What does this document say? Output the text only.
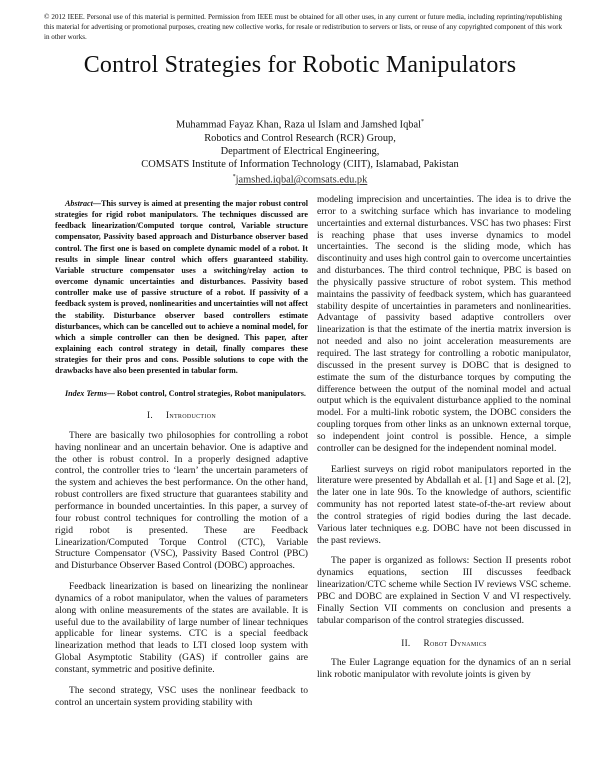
© 2012 IEEE. Personal use of this material is permitted. Permission from IEEE must be obtained for all other uses, in any current or future media, including reprinting/republishing this material for advertising or promotional purposes, creating new collective works, for resale or redistribution to servers or lists, or reuse of any copyrighted component of this work in other works.
Control Strategies for Robotic Manipulators
Muhammad Fayaz Khan, Raza ul Islam and Jamshed Iqbal*
Robotics and Control Research (RCR) Group,
Department of Electrical Engineering,
COMSATS Institute of Information Technology (CIIT), Islamabad, Pakistan
*jamshed.iqbal@comsats.edu.pk

Abstract—This survey is aimed at presenting the major robust control strategies for rigid robot manipulators. The techniques discussed are feedback linearization/Computed torque control, Variable structure compensator, Passivity based approach and Disturbance observer based control. The first one is based on complete dynamic model of a robot. It results in simple linear control which offers guaranteed stability. Variable structure compensator uses a switching/relay action to overcome dynamic uncertainties and disturbances. Passivity based controller make use of passive structure of a robot. If passivity of a feedback system is proved, nonlinearities and uncertainties will not affect the stability. Disturbance observer based controllers estimate disturbances, which can be cancelled out to achieve a nominal model, for which a simple controller can then be designed. This paper, after explaining each control strategy in detail, finally compares these strategies for their pros and cons. Possible solutions to cope with the drawbacks have also been presented in tabular form.

Index Terms— Robot control, Control strategies, Robot manipulators.

I. Introduction

There are basically two philosophies for controlling a robot having nonlinear and an uncertain behavior. One is adaptive and the other is robust control. In a properly designed adaptive control, the controller tries to ‘learn’ the uncertain parameters of the system and achieves the best performance. On the other hand, robust controllers are fixed structure that guarantees stability and performance in bounded uncertainties. In this paper, a survey of four robust control techniques for controlling the motion of a rigid robot is presented. These are Feedback Linearization/Computed Torque Control (CTC), Variable Structure Compensator (VSC), Passivity Based Control (PBC) and Disturbance Observer Based Control (DOBC) approaches.

Feedback linearization is based on linearizing the nonlinear dynamics of a robot manipulator, when the values of parameters along with online measurements of the states are available. It is useful due to the availability of large number of linear techniques applicable for linear systems. CTC is a special feedback linearization method that leads to LTI closed loop system with Global Asymptotic Stability (GAS) if controller gains are constant, symmetric and positive definite.

The second strategy, VSC uses the nonlinear feedback to control an uncertain system providing stability with

modeling imprecision and uncertainties. The idea is to drive the error to a switching surface which has invariance to modeling uncertainties and external disturbances. VSC has two phases: First is reaching phase that uses inverse dynamics to model uncertainties. The second is the sliding mode, which has discontinuity and uses high control gain to overcome uncertainties and disturbances. The third control technique, PBC is based on the physically passive structure of robot system. This method maintains the passivity of feedback system, which has guaranteed stability despite of uncertainties in parameters and nonlinearities. Advantage of passivity based adaptive controllers over linearization is that the estimate of the inertia matrix inversion is not needed and also no joint acceleration measurements are required. The last strategy for controlling a robotic manipulator, discussed in the present survey is DOBC that is designed to estimate the sum of the disturbance torques by computing the difference between the output of the nominal model and actual output which is the equivalent disturbance applied to the nominal model. For a multi-link robotic system, the DOBC considers the coupling torques from other links as an unknown external torque, so independent joint control is possible. Hence, a simple controller can be designed for the independent nominal model.

Earliest surveys on rigid robot manipulators reported in the literature were presented by Abdallah et al. [1] and Sage et al. [2], the later one in late 90s. To the knowledge of authors, scientific community has not reported latest state-of-the-art review about the control strategies of rigid bodies during the last decade. Various later techniques e.g. DOBC have not been discussed in the past reviews.

The paper is organized as follows: Section II presents robot dynamics equations, section III discusses feedback linearization/CTC scheme while Section IV reviews VSC scheme. PBC and DOBC are explained in Section V and VI respectively. Finally Section VII comments on conclusion and presents a tabular comparison of the control strategies discussed.

II. Robot Dynamics

The Euler Lagrange equation for the dynamics of an n serial link robotic manipulator with revolute joints is given by
